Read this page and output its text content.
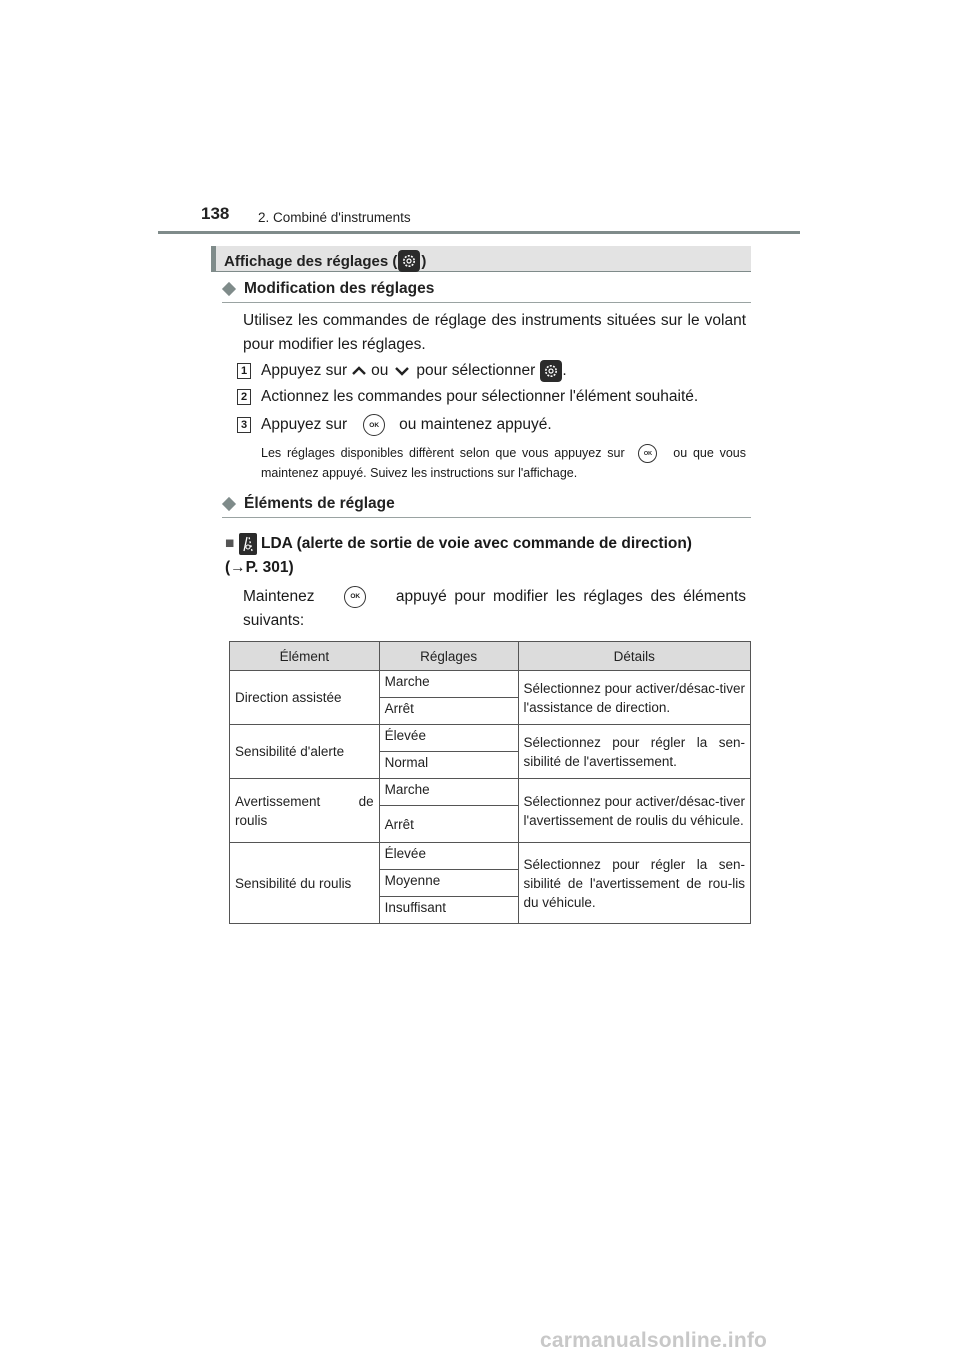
138 2. Combiné d'instruments
Affichage des réglages ( )
Modification des réglages
Utilisez les commandes de réglage des instruments situées sur le volant pour modifier les réglages.
1 Appuyez sur ou pour sélectionner .
2 Actionnez les commandes pour sélectionner l'élément souhaité.
3 Appuyez sur	OK	ou maintenez appuyé.
Les réglages disponibles diffèrent selon que vous appuyez sur	OK ou que vous maintenez appuyé. Suivez les instructions sur l'affichage.
Éléments de réglage
■ LDA (alerte de sortie de voie avec commande de direction)
(→P. 301)
Maintenez	OK appuyé pour modifier les réglages des éléments suivants:
Élément	Réglages	Détails
Direction assistée	Marche	Sélectionnez pour activer/désac-tiver l'assistance de direction.
	Arrêt	
Sensibilité d'alerte	Élevée	Sélectionnez pour régler la sen-sibilité de l'avertissement.
	Normal	
Avertissement de roulis	Marche	Sélectionnez pour activer/désac-tiver l'avertissement de roulis du véhicule.
	Arrêt	
Sensibilité du roulis	Élevée	Sélectionnez pour régler la sen-sibilité de l'avertissement de rou-lis du véhicule.
	Moyenne	
	Insuffisant	
carmanualsonline.info
